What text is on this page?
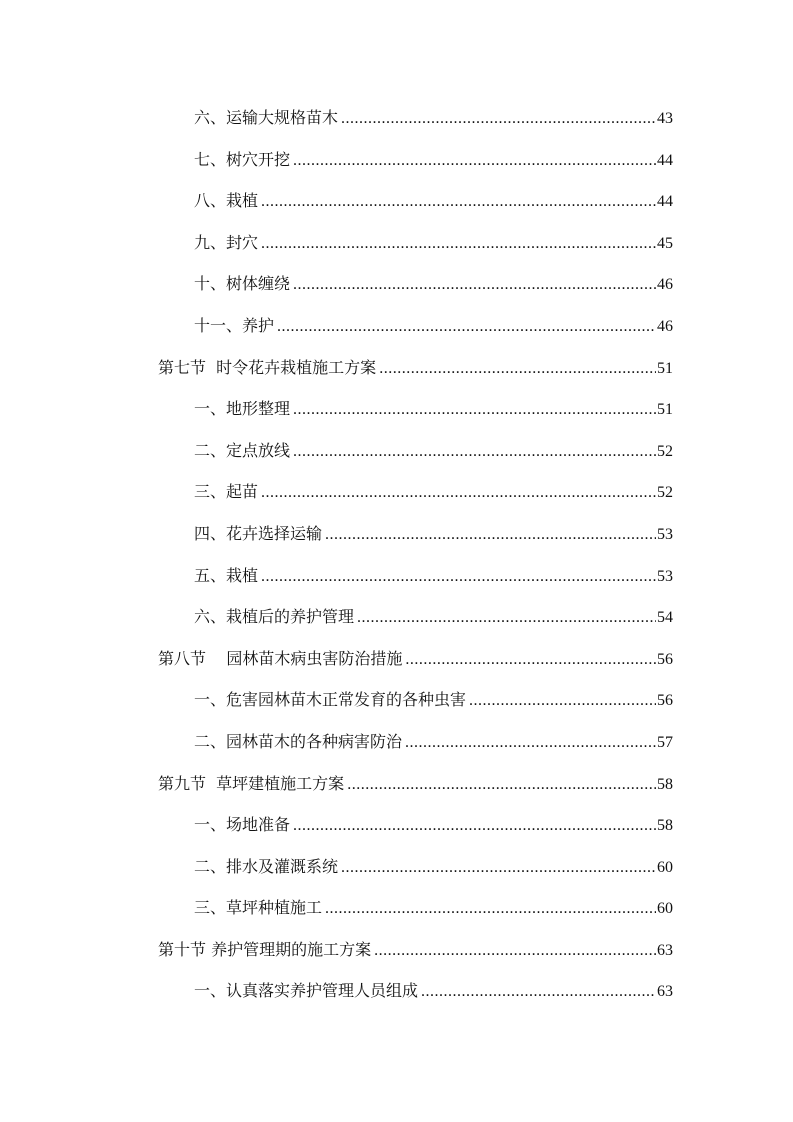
六、运输大规格苗木 .....	43
七、树穴开挖 .....	44
八、栽植 .....	44
九、封穴 .....	45
十、树体缠绕 .....	46
十一、养护 .....	46
第七节  时令花卉栽植施工方案 .....	51
一、地形整理 .....	51
二、定点放线 .....	52
三、起苗 .....	52
四、花卉选择运输 .....	53
五、栽植 .....	53
六、栽植后的养护管理 .....	54
第八节    园林苗木病虫害防治措施 .....	56
一、危害园林苗木正常发育的各种虫害 .....	56
二、园林苗木的各种病害防治 .....	57
第九节  草坪建植施工方案 .....	58
一、场地准备 .....	58
二、排水及灌溉系统 .....	60
三、草坪种植施工 .....	60
第十节 养护管理期的施工方案 .....	63
一、认真落实养护管理人员组成 .....	63
